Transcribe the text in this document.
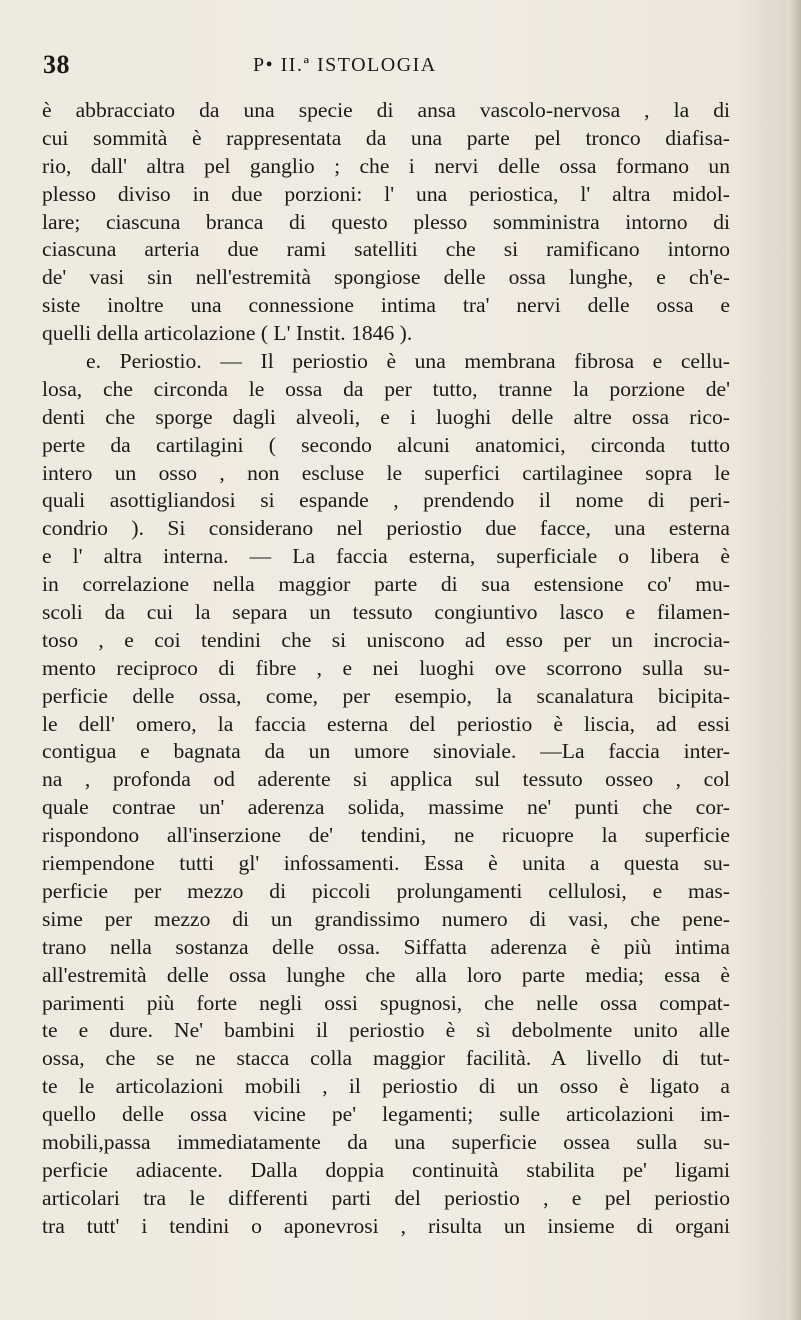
38	P• II.ª ISTOLOGIA
è abbracciato da una specie di ansa vascolo-nervosa , la di
cui sommità è rappresentata da una parte pel tronco diafisa-
rio, dall' altra pel ganglio ; che i nervi delle ossa formano un
plesso diviso in due porzioni: l' una periostica, l' altra midol-
lare; ciascuna branca di questo plesso somministra intorno di
ciascuna arteria due rami satelliti che si ramificano intorno
de' vasi sin nell'estremità spongiose delle ossa lunghe, e ch'e-
siste inoltre una connessione intima tra' nervi delle ossa e
quelli della articolazione ( L' Instit. 1846 ).
e. Periostio. — Il periostio è una membrana fibrosa e cellu-
losa, che circonda le ossa da per tutto, tranne la porzione de'
denti che sporge dagli alveoli, e i luoghi delle altre ossa rico-
perte da cartilagini ( secondo alcuni anatomici, circonda tutto
intero un osso , non escluse le superfici cartilaginee sopra le
quali asottigliandosi si espande , prendendo il nome di peri-
condrio ). Si considerano nel periostio due facce, una esterna
e l' altra interna. — La faccia esterna, superficiale o libera è
in correlazione nella maggior parte di sua estensione co' mu-
scoli da cui la separa un tessuto congiuntivo lasco e filamen-
toso , e coi tendini che si uniscono ad esso per un incrocia-
mento reciproco di fibre , e nei luoghi ove scorrono sulla su-
perficie delle ossa, come, per esempio, la scanalatura bicipita-
le dell' omero, la faccia esterna del periostio è liscia, ad essi
contigua e bagnata da un umore sinoviale. —La faccia inter-
na , profonda od aderente si applica sul tessuto osseo , col
quale contrae un' aderenza solida, massime ne' punti che cor-
rispondono all'inserzione de' tendini, ne ricuopre la superficie
riempendone tutti gl' infossamenti. Essa è unita a questa su-
perficie per mezzo di piccoli prolungamenti cellulosi, e mas-
sime per mezzo di un grandissimo numero di vasi, che pene-
trano nella sostanza delle ossa. Siffatta aderenza è più intima
all'estremità delle ossa lunghe che alla loro parte media; essa è
parimenti più forte negli ossi spugnosi, che nelle ossa compat-
te e dure. Ne' bambini il periostio è sì debolmente unito alle
ossa, che se ne stacca colla maggior facilità. A livello di tut-
te le articolazioni mobili , il periostio di un osso è ligato a
quello delle ossa vicine pe' legamenti; sulle articolazioni im-
mobili,passa immediatamente da una superficie ossea sulla su-
perficie adiacente. Dalla doppia continuità stabilita pe' ligami
articolari tra le differenti parti del periostio , e pel periostio
tra tutt' i tendini o aponevrosi , risulta un insieme di organi
